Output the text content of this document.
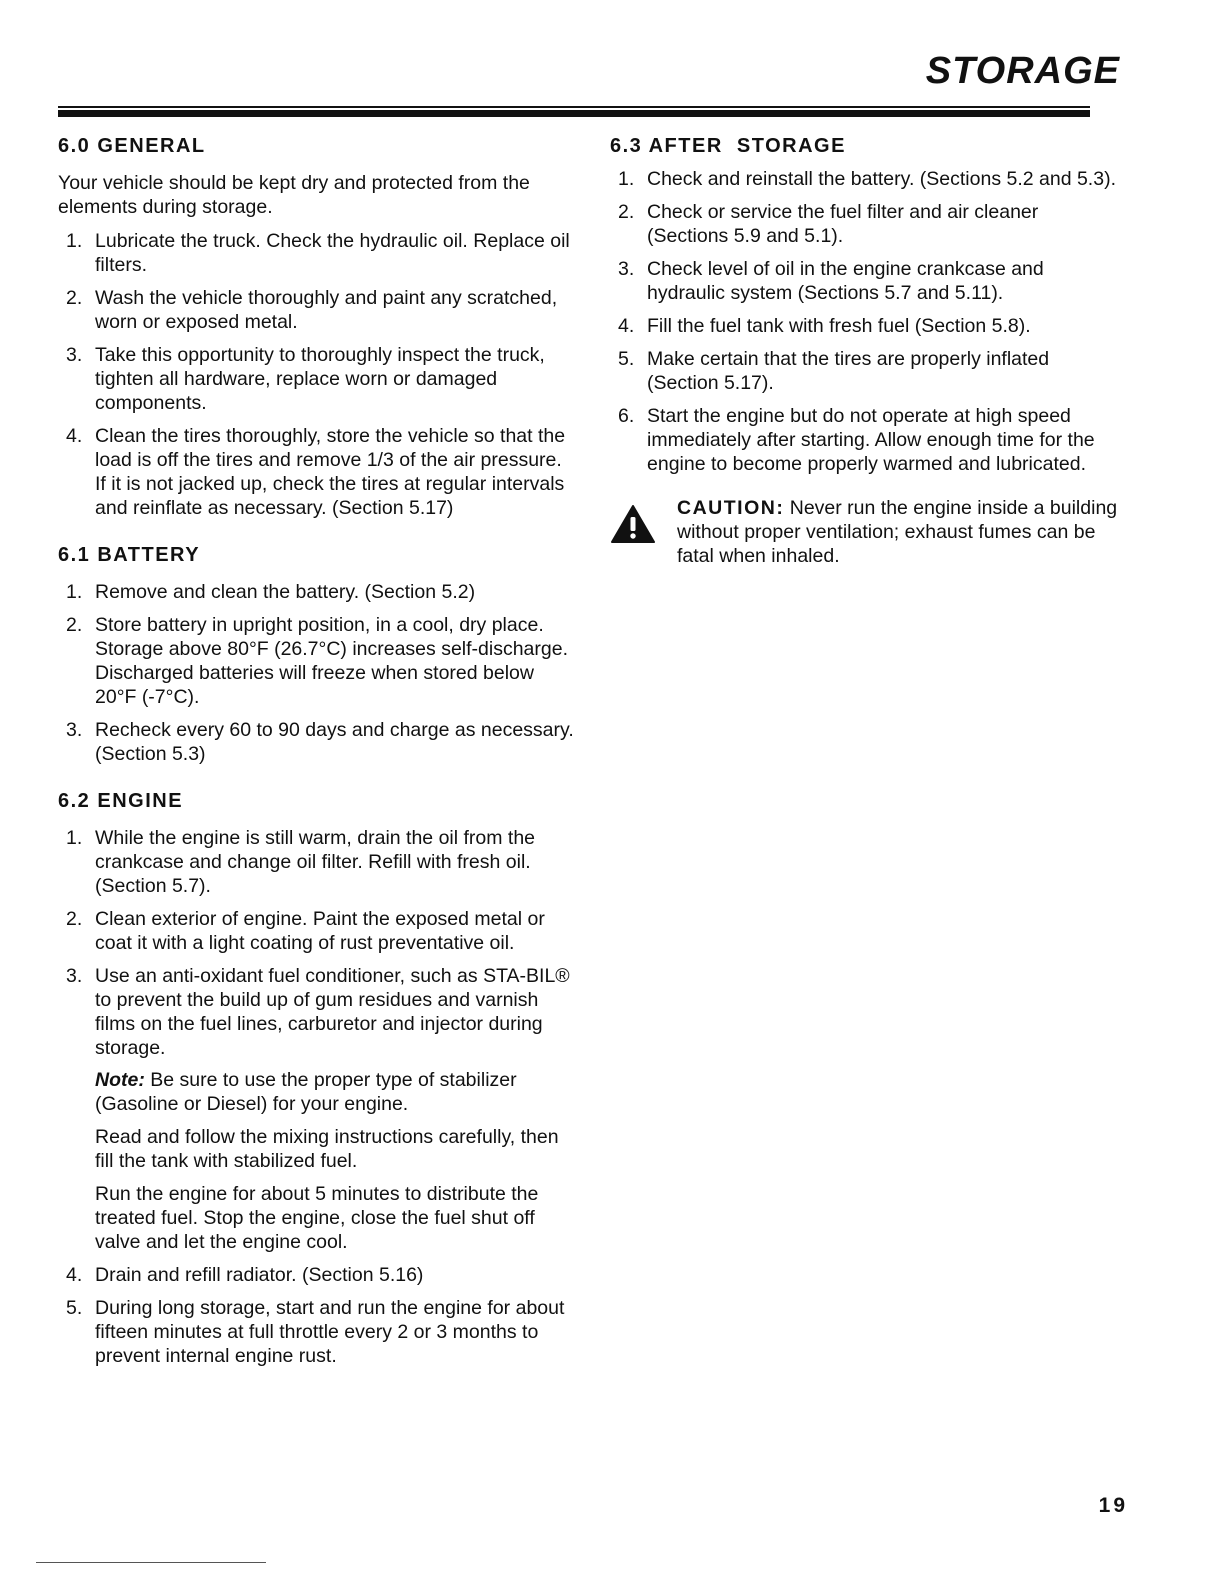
STORAGE
6.0 GENERAL

Your vehicle should be kept dry and protected from the elements during storage.

1. Lubricate the truck. Check the hydraulic oil. Replace oil filters.
2. Wash the vehicle thoroughly and paint any scratched, worn or exposed metal.
3. Take this opportunity to thoroughly inspect the truck, tighten all hardware, replace worn or damaged components.
4. Clean the tires thoroughly, store the vehicle so that the load is off the tires and remove 1/3 of the air pressure. If it is not jacked up, check the tires at regular intervals and reinflate as necessary. (Section 5.17)
6.1 BATTERY
1. Remove and clean the battery. (Section 5.2)
2. Store battery in upright position, in a cool, dry place. Storage above 80°F (26.7°C) increases self-discharge. Discharged batteries will freeze when stored below 20°F (-7°C).
3. Recheck every 60 to 90 days and charge as necessary. (Section 5.3)
6.2 ENGINE
1. While the engine is still warm, drain the oil from the crankcase and change oil filter. Refill with fresh oil. (Section 5.7).
2. Clean exterior of engine. Paint the exposed metal or coat it with a light coating of rust preventative oil.
3. Use an anti-oxidant fuel conditioner, such as STA-BIL® to prevent the build up of gum residues and varnish films on the fuel lines, carburetor and injector during storage.

Note: Be sure to use the proper type of stabilizer (Gasoline or Diesel) for your engine.

Read and follow the mixing instructions carefully, then fill the tank with stabilized fuel.

Run the engine for about 5 minutes to distribute the treated fuel. Stop the engine, close the fuel shut off valve and let the engine cool.

4. Drain and refill radiator. (Section 5.16)
5. During long storage, start and run the engine for about fifteen minutes at full throttle every 2 or 3 months to prevent internal engine rust.
6.3 AFTER  STORAGE
1. Check and reinstall the battery. (Sections 5.2 and 5.3).
2. Check or service the fuel filter and air cleaner (Sections 5.9 and 5.1).
3. Check level of oil in the engine crankcase and hydraulic system (Sections 5.7 and 5.11).
4. Fill the fuel tank with fresh fuel (Section 5.8).
5. Make certain that the tires are properly inflated (Section 5.17).
6. Start the engine but do not operate at high speed immediately after starting. Allow enough time for the engine to become properly warmed and lubricated.
CAUTION: Never run the engine inside a building without proper ventilation; exhaust fumes can be fatal when inhaled.
19
